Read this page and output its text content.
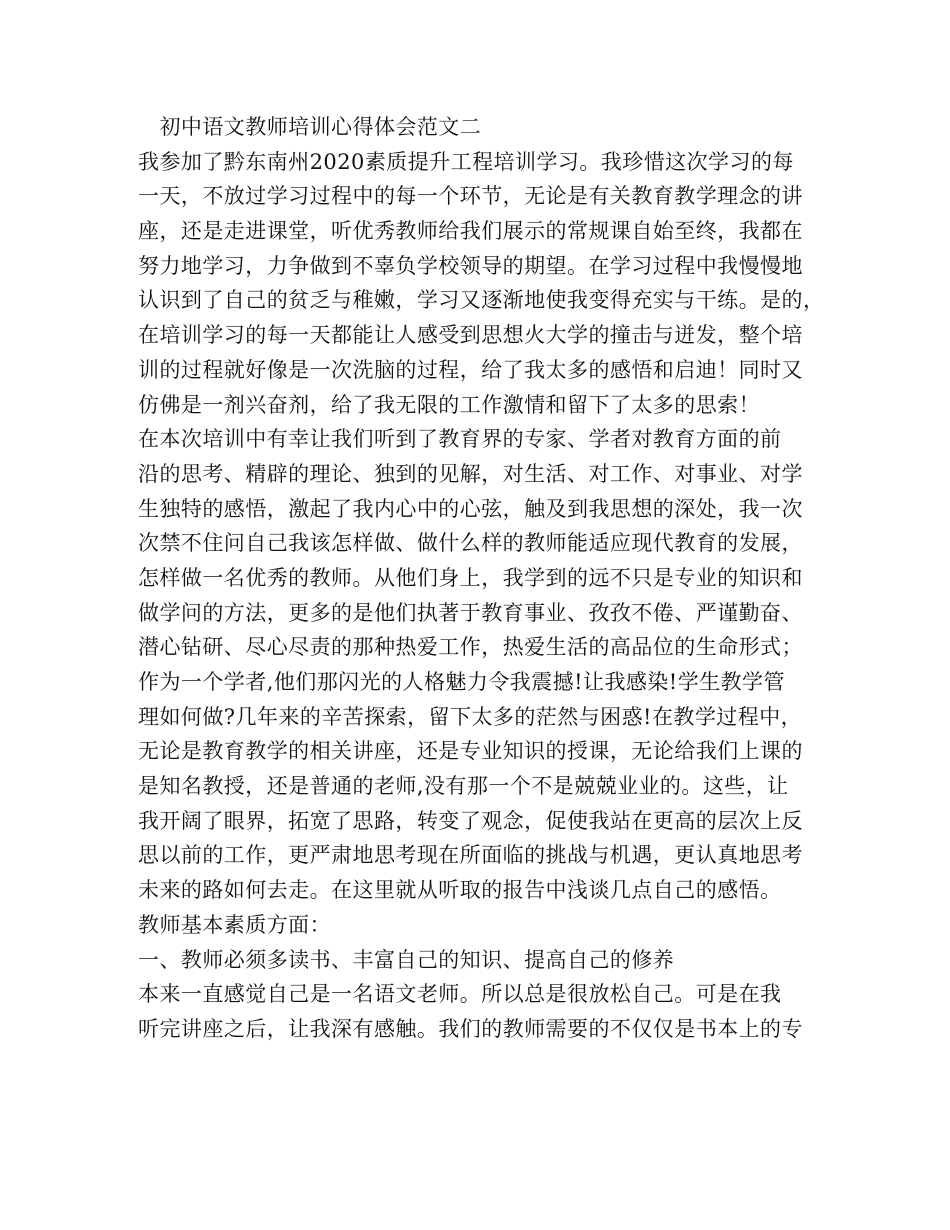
　初中语文教师培训心得体会范文二
我参加了黔东南州2020素质提升工程培训学习。我珍惜这次学习的每
一天，不放过学习过程中的每一个环节，无论是有关教育教学理念的讲
座，还是走进课堂，听优秀教师给我们展示的常规课自始至终，我都在
努力地学习，力争做到不辜负学校领导的期望。在学习过程中我慢慢地
认识到了自己的贫乏与稚嫩，学习又逐渐地使我变得充实与干练。是的，
在培训学习的每一天都能让人感受到思想火大学的撞击与迸发，整个培
训的过程就好像是一次洗脑的过程，给了我太多的感悟和启迪！同时又
仿佛是一剂兴奋剂，给了我无限的工作激情和留下了太多的思索！
在本次培训中有幸让我们听到了教育界的专家、学者对教育方面的前
沿的思考、精辟的理论、独到的见解，对生活、对工作、对事业、对学
生独特的感悟，激起了我内心中的心弦，触及到我思想的深处，我一次
次禁不住问自己我该怎样做、做什么样的教师能适应现代教育的发展，
怎样做一名优秀的教师。从他们身上，我学到的远不只是专业的知识和
做学问的方法，更多的是他们执著于教育事业、孜孜不倦、严谨勤奋、
潜心钻研、尽心尽责的那种热爱工作，热爱生活的高品位的生命形式；
作为一个学者,他们那闪光的人格魅力令我震撼!让我感染!学生教学管
理如何做?几年来的辛苦探索，留下太多的茫然与困惑!在教学过程中，
无论是教育教学的相关讲座，还是专业知识的授课，无论给我们上课的
是知名教授，还是普通的老师,没有那一个不是兢兢业业的。这些，让
我开阔了眼界，拓宽了思路，转变了观念，促使我站在更高的层次上反
思以前的工作，更严肃地思考现在所面临的挑战与机遇，更认真地思考
未来的路如何去走。在这里就从听取的报告中浅谈几点自己的感悟。
教师基本素质方面：
一、教师必须多读书、丰富自己的知识、提高自己的修养
本来一直感觉自己是一名语文老师。所以总是很放松自己。可是在我
听完讲座之后，让我深有感触。我们的教师需要的不仅仅是书本上的专
